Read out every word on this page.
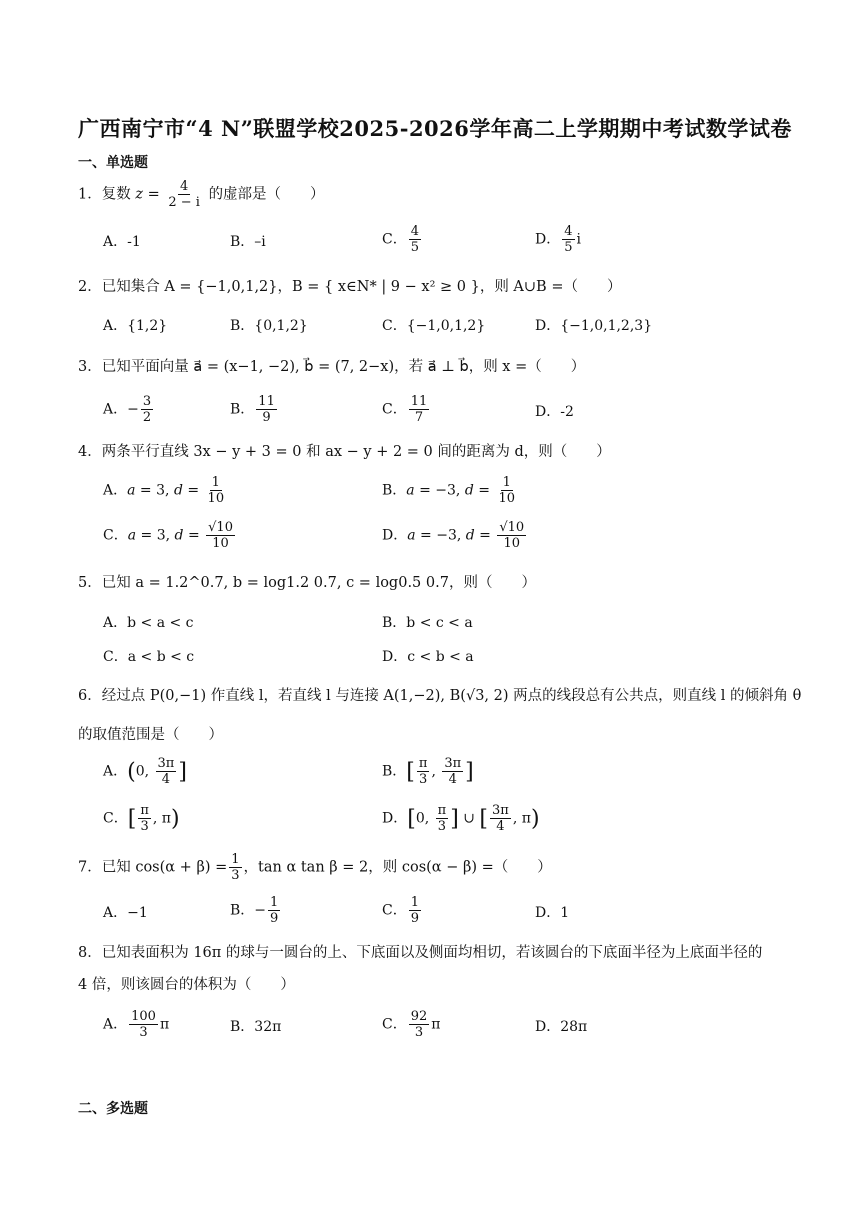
广西南宁市“4 N”联盟学校2025-2026学年高二上学期期中考试数学试卷
一、单选题
1．复数 $z = \frac{4}{2 - i}$ 的虚部是（　　）
A．-1	B．–i	C． $\frac{4}{5}$	D． $\frac{4}{5}$ i
2．已知集合 A = {−1,0,1,2}，B = { x∈N* | 9 − x² ≥ 0 }，则 A∪B =（　　）
A．{1,2}	B．{0,1,2}	C．{−1,0,1,2}	D．{−1,0,1,2,3}
3．已知平面向量 a⃗ = (x−1, −2), b⃗ = (7, 2−x)，若 a⃗ ⊥ b⃗，则 x =（　　）
A．− $\frac{3}{2}$	B． $\frac{11}{9}$	C． $\frac{11}{7}$	D．-2
4．两条平行直线 3x − y + 3 = 0 和 ax − y + 2 = 0 间的距离为 d，则（　　）
A．a = 3, $d = \frac{1}{10}$	B．a = −3, $d = \frac{1}{10}$
C．a = 3, $d = \frac{√10}{10}$	D．a = −3, $d = \frac{√10}{10}$
5．已知 a = 1.2^0.7, b = log1.2 0.7, c = log0.5 0.7，则（　　）
A．b < a < c	B．b < c < a
C．a < b < c	D．c < b < a
6．经过点 P(0,−1) 作直线 l，若直线 l 与连接 A(1,−2), B(√3, 2) 两点的线段总有公共点，则直线 l 的倾斜角 θ
的取值范围是（　　）
A．(0, $\frac{3\pi}{4}$ ]	B．[ $\frac{\pi}{3}$ , $\frac{3\pi}{4}$ ]
C．[ $\frac{\pi}{3}$ , π)	D．[0, $\frac{\pi}{3}$ ] ∪ [ $\frac{3\pi}{4}$ , π)
7．已知 $\cos(\alpha + \beta) = \frac{1}{3}$ ，tan α tan β = 2，则 cos(α − β) =（　　）
A．−1	B．− $\frac{1}{9}$	C． $\frac{1}{9}$	D．1
8．已知表面积为 16π 的球与一圆台的上、下底面以及侧面均相切，若该圆台的下底面半径为上底面半径的
4 倍，则该圆台的体积为（　　）
A． $\frac{100}{3}$ π	B．32π	C． $\frac{92}{3}$ π	D．28π
二、多选题
